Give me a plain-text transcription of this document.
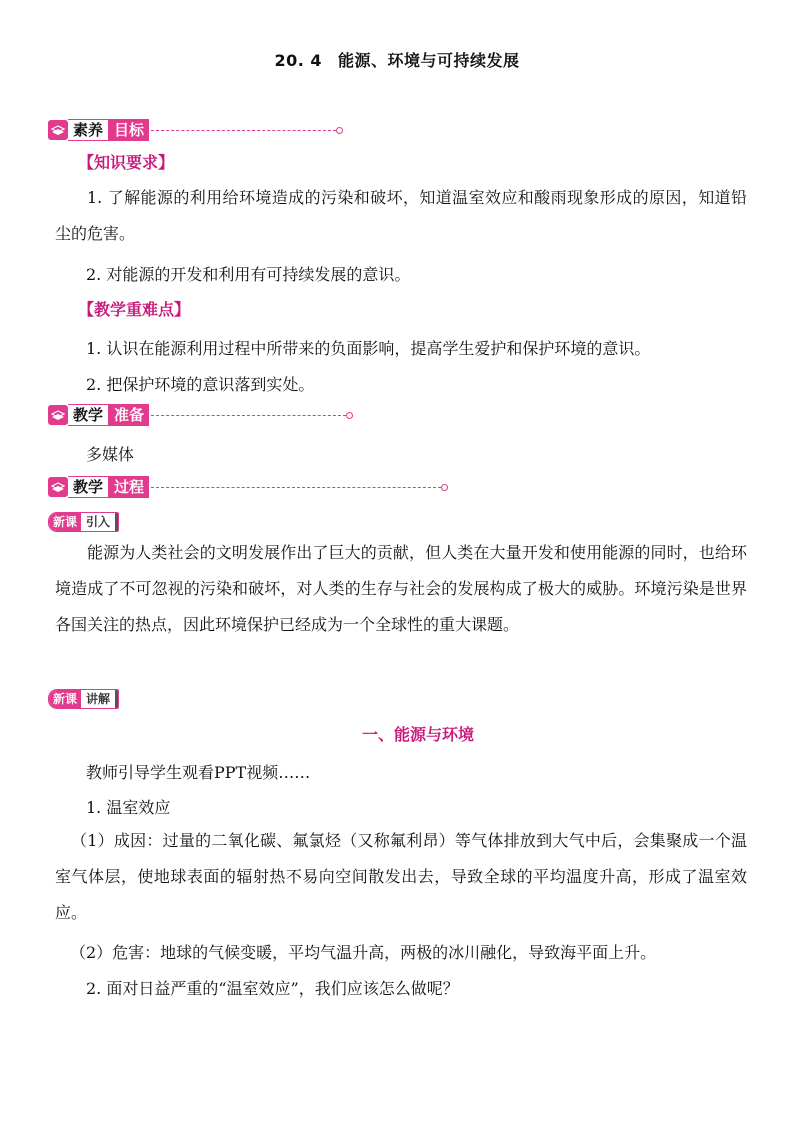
20. 4 能源、环境与可持续发展
素养 目标
【知识要求】
1. 了解能源的利用给环境造成的污染和破坏，知道温室效应和酸雨现象形成的原因，知道铅尘的危害。
2. 对能源的开发和利用有可持续发展的意识。
【教学重难点】
1. 认识在能源利用过程中所带来的负面影响，提高学生爱护和保护环境的意识。
2. 把保护环境的意识落到实处。
教学 准备
多媒体
教学 过程
新课 引入
能源为人类社会的文明发展作出了巨大的贡献，但人类在大量开发和使用能源的同时，也给环境造成了不可忽视的污染和破坏，对人类的生存与社会的发展构成了极大的威胁。环境污染是世界各国关注的热点，因此环境保护已经成为一个全球性的重大课题。
新课 讲解
一、能源与环境
教师引导学生观看PPT视频……
1. 温室效应
（1）成因：过量的二氧化碳、氟氯烃（又称氟利昂）等气体排放到大气中后，会集聚成一个温室气体层，使地球表面的辐射热不易向空间散发出去，导致全球的平均温度升高，形成了温室效应。
（2）危害：地球的气候变暖，平均气温升高，两极的冰川融化，导致海平面上升。
2. 面对日益严重的“温室效应”，我们应该怎么做呢？
